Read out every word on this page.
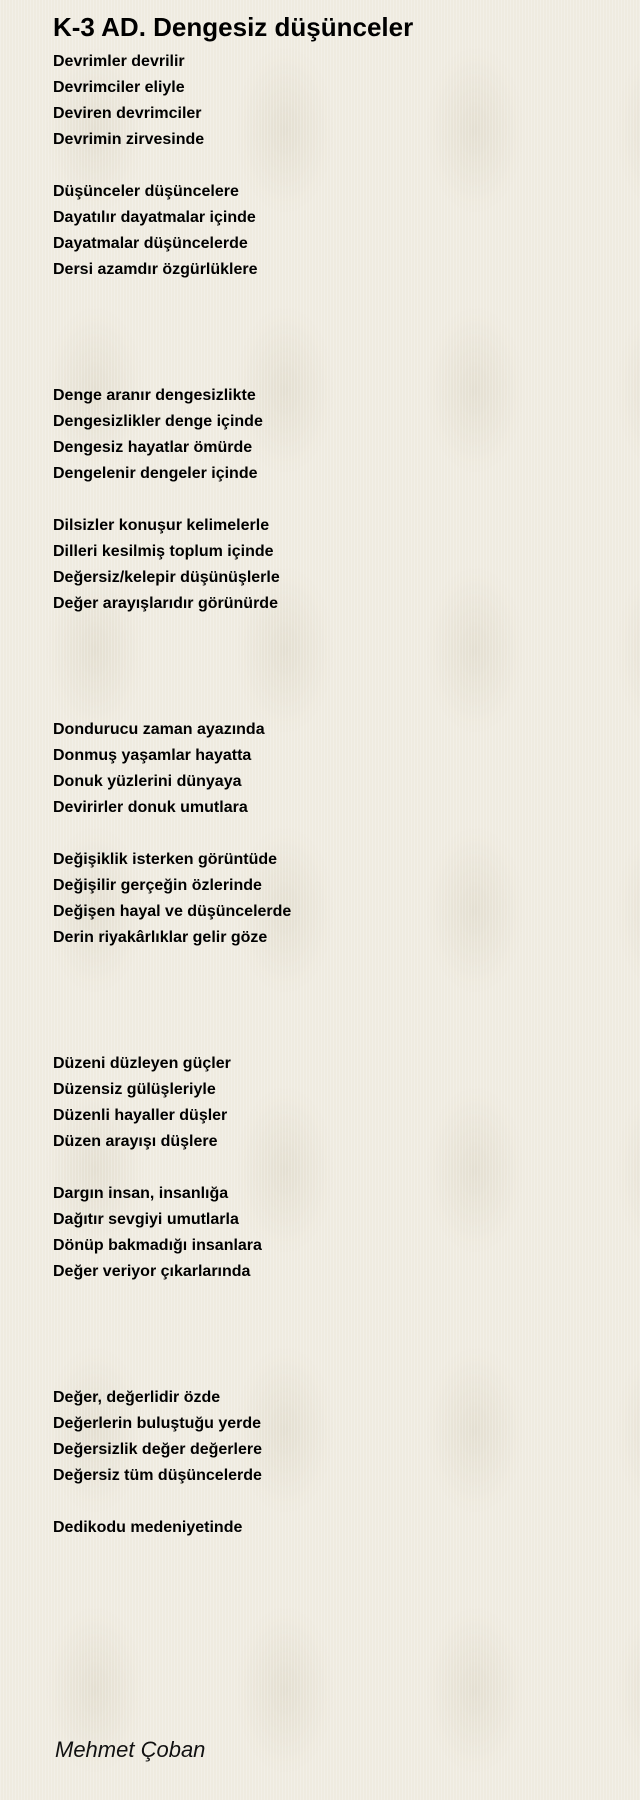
K-3 AD. Dengesiz düşünceler
Devrimler devrilir
Devrimciler eliyle
Deviren devrimciler
Devrimin zirvesinde
Düşünceler düşüncelere
Dayatılır dayatmalar içinde
Dayatmalar düşüncelerde
Dersi azamdır özgürlüklere
Denge aranır dengesizlikte
Dengesizlikler denge içinde
Dengesiz hayatlar ömürde
Dengelenir dengeler içinde
Dilsizler konuşur kelimelerle
Dilleri kesilmiş toplum içinde
Değersiz/kelepir düşünüşlerle
Değer arayışlarıdır görünürde
Dondurucu zaman ayazında
Donmuş yaşamlar hayatta
Donuk yüzlerini dünyaya
Devirirler donuk umutlara
Değişiklik isterken görüntüde
Değişilir gerçeğin özlerinde
Değişen hayal ve düşüncelerde
Derin riyakârlıklar gelir göze
Düzeni düzleyen güçler
Düzensiz gülüşleriyle
Düzenli hayaller düşler
Düzen arayışı düşlere
Dargın insan, insanlığa
Dağıtır sevgiyi umutlarla
Dönüp bakmadığı insanlara
Değer veriyor çıkarlarında
Değer, değerlidir özde
Değerlerin buluştuğu yerde
Değersizlik değer değerlere
Değersiz tüm düşüncelerde
Dedikodu medeniyetinde
Mehmet Çoban
